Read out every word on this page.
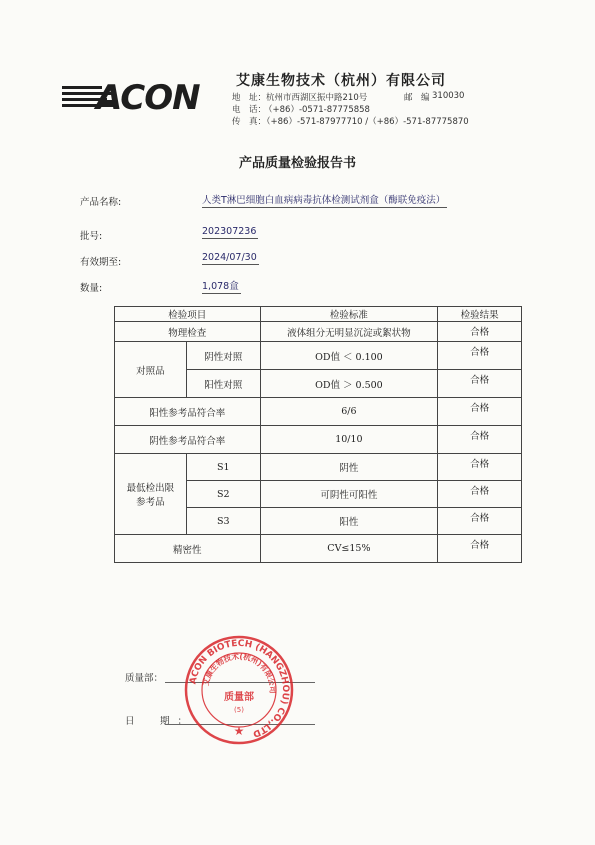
ACON	艾康生物技术（杭州）有限公司
地　址： 杭州市西湖区振中路210号	邮　编 310030
电　话：
（+86）-0571-87775858
传　真：
（+86）-571-87977710 /（+86）-571-87775870
产品质量检验报告书
产品名称:	人类T淋巴细胞白血病病毒抗体检测试剂盒（酶联免疫法）
批号:	202307236
有效期至:	2024/07/30
数量:	1,078盒
检验项目		检验标准	检验结果
物理检查		液体组分无明显沉淀或絮状物	合格
对照品	阴性对照	OD值 ＜ 0.100	合格
	阳性对照	OD值 ＞ 0.500	合格
阳性参考品符合率		6/6	合格
阴性参考品符合率		10/10	合格
最低检出限
参考品	S1	阴性	合格
	S2	可阴性可阳性	合格
	S3	阳性	合格
精密性		CV≤15%	合格
质量部：
日　期：
ACON BIOTECH (HANGZHOU) CO.,LTD
艾康生物技术(杭州)有限公司
质量部
(5)
★
